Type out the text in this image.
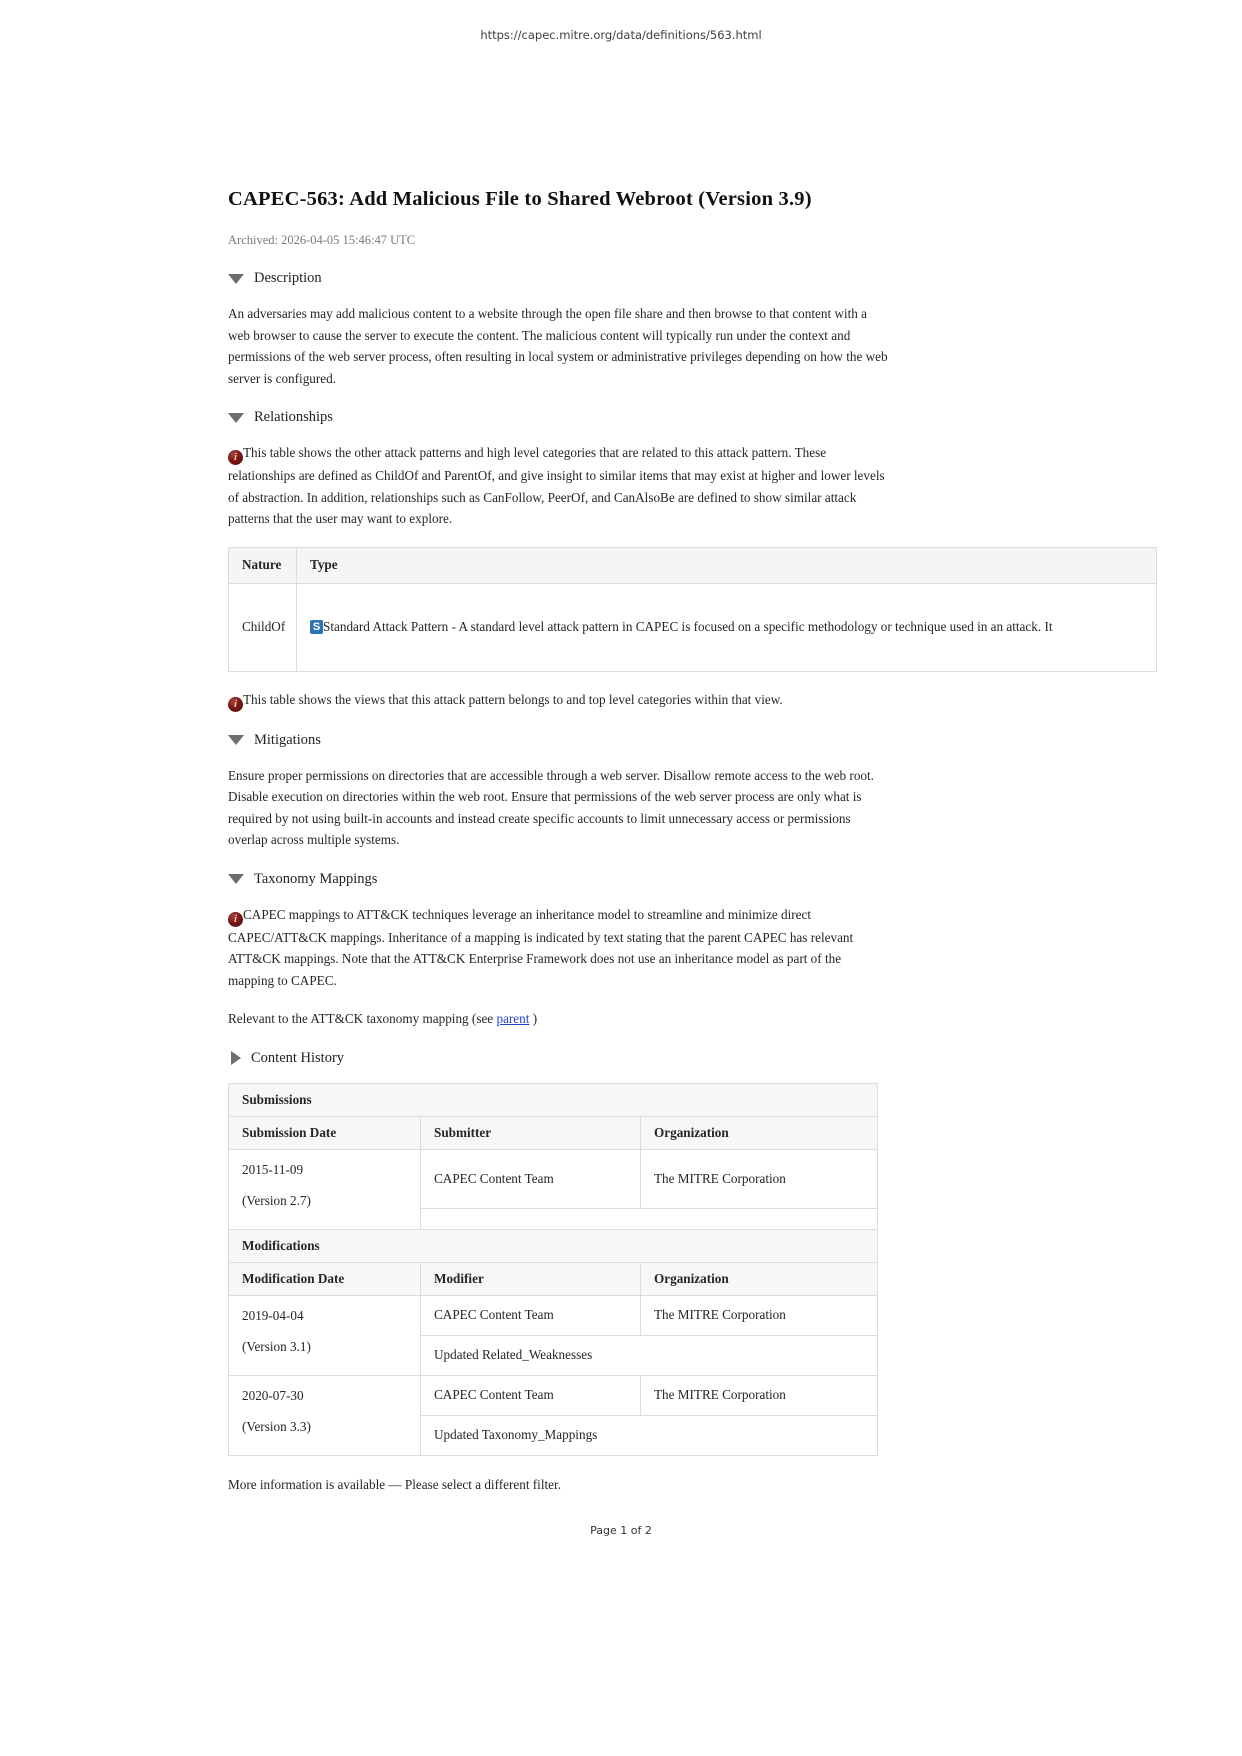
https://capec.mitre.org/data/definitions/563.html
CAPEC-563: Add Malicious File to Shared Webroot (Version 3.9)
Archived: 2026-04-05 15:46:47 UTC
Description

An adversaries may add malicious content to a website through the open file share and then browse to that content with a web browser to cause the server to execute the content. The malicious content will typically run under the context and permissions of the web server process, often resulting in local system or administrative privileges depending on how the web server is configured.

Relationships

i This table shows the other attack patterns and high level categories that are related to this attack pattern. These relationships are defined as ChildOf and ParentOf, and give insight to similar items that may exist at higher and lower levels of abstraction. In addition, relationships such as CanFollow, PeerOf, and CanAlsoBe are defined to show similar attack patterns that the user may want to explore.

Nature	Type
ChildOf	S Standard Attack Pattern - A standard level attack pattern in CAPEC is focused on a specific methodology or technique used in an attack. It

i This table shows the views that this attack pattern belongs to and top level categories within that view.

Mitigations

Ensure proper permissions on directories that are accessible through a web server. Disallow remote access to the web root. Disable execution on directories within the web root. Ensure that permissions of the web server process are only what is required by not using built-in accounts and instead create specific accounts to limit unnecessary access or permissions overlap across multiple systems.

Taxonomy Mappings

i CAPEC mappings to ATT&CK techniques leverage an inheritance model to streamline and minimize direct CAPEC/ATT&CK mappings. Inheritance of a mapping is indicated by text stating that the parent CAPEC has relevant ATT&CK mappings. Note that the ATT&CK Enterprise Framework does not use an inheritance model as part of the mapping to CAPEC.

Relevant to the ATT&CK taxonomy mapping (see parent )

Content History
Submissions		
Submission Date	Submitter	Organization

2015-11-09
(Version 2.7)	CAPEC Content Team	The MITRE Corporation

Modifications		
Modification Date	Modifier	Organization

2019-04-04
(Version 3.1)	CAPEC Content Team	The MITRE Corporation
	Updated Related_Weaknesses	

2020-07-30
(Version 3.3)	CAPEC Content Team	The MITRE Corporation
	Updated Taxonomy_Mappings	

More information is available — Please select a different filter.

Page 1 of 2
